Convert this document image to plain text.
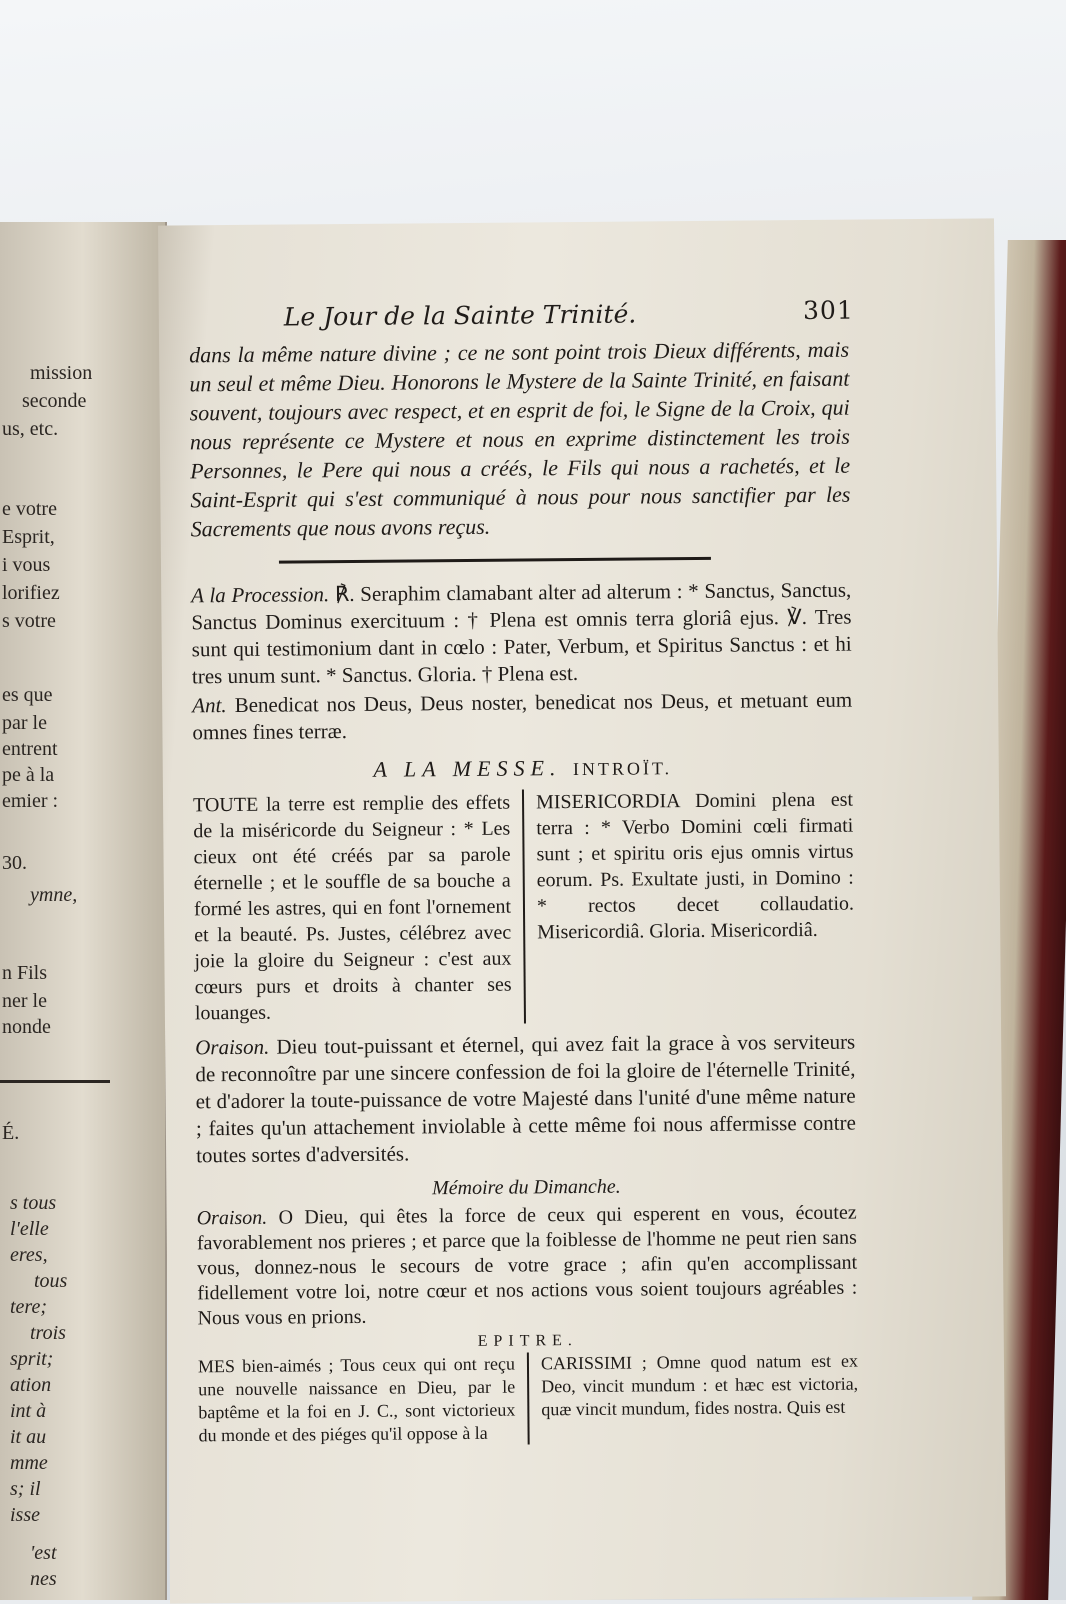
mission
seconde
us, etc.
e votre
Esprit,
i vous
lorifiez
s votre
es que
par le
entrent
pe à la
emier :
30.
ymne,
n Fils
ner le
nonde
É.
s tous
l'elle
eres,
tous
tere;
trois
sprit;
ation
int à
it au
mme
s; il
isse
'est
nes
Le Jour de la Sainte Trinité.	301

dans la même nature divine ; ce ne sont point trois Dieux différents, mais un seul et même Dieu. Honorons le Mystere de la Sainte Trinité, en faisant souvent, toujours avec respect, et en esprit de foi, le Signe de la Croix, qui nous représente ce Mystere et nous en exprime distinctement les trois Personnes, le Pere qui nous a créés, le Fils qui nous a rachetés, et le Saint-Esprit qui s'est communiqué à nous pour nous sanctifier par les Sacrements que nous avons reçus.

A la Procession. ℟. Seraphim clamabant alter ad alterum : * Sanctus, Sanctus, Sanctus Dominus exercituum : † Plena est omnis terra gloriâ ejus. ℣. Tres sunt qui testimonium dant in cœlo : Pater, Verbum, et Spiritus Sanctus : et hi tres unum sunt. * Sanctus. Gloria. † Plena est.

Ant. Benedicat nos Deus, Deus noster, benedicat nos Deus, et metuant eum omnes fines terræ.

A LA MESSE. INTROÏT.
TOUTE la terre est remplie des effets de la miséricorde du Seigneur : * Les cieux ont été créés par sa parole éternelle ; et le souffle de sa bouche a formé les astres, qui en font l'ornement et la beauté. Ps. Justes, célébrez avec joie la gloire du Seigneur : c'est aux cœurs purs et droits à chanter ses louanges.
MISERICORDIA Domini plena est terra : * Verbo Domini cœli firmati sunt ; et spiritu oris ejus omnis virtus eorum. Ps. Exultate justi, in Domino : * rectos decet collaudatio. Misericordiâ. Gloria. Misericordiâ.

Oraison. Dieu tout-puissant et éternel, qui avez fait la grace à vos serviteurs de reconnoître par une sincere confession de foi la gloire de l'éternelle Trinité, et d'adorer la toute-puissance de votre Majesté dans l'unité d'une même nature ; faites qu'un attachement inviolable à cette même foi nous affermisse contre toutes sortes d'adversités.

Mémoire du Dimanche.

Oraison. O Dieu, qui êtes la force de ceux qui esperent en vous, écoutez favorablement nos prieres ; et parce que la foiblesse de l'homme ne peut rien sans vous, donnez-nous le secours de votre grace ; afin qu'en accomplissant fidellement votre loi, notre cœur et nos actions vous soient toujours agréables : Nous vous en prions.

EPITRE.
MES bien-aimés ; Tous ceux qui ont reçu une nouvelle naissance en Dieu, par le baptême et la foi en J. C., sont victorieux du monde et des piéges qu'il oppose à la
CARISSIMI ; Omne quod natum est ex Deo, vincit mundum : et hæc est victoria, quæ vincit mundum, fides nostra. Quis est
